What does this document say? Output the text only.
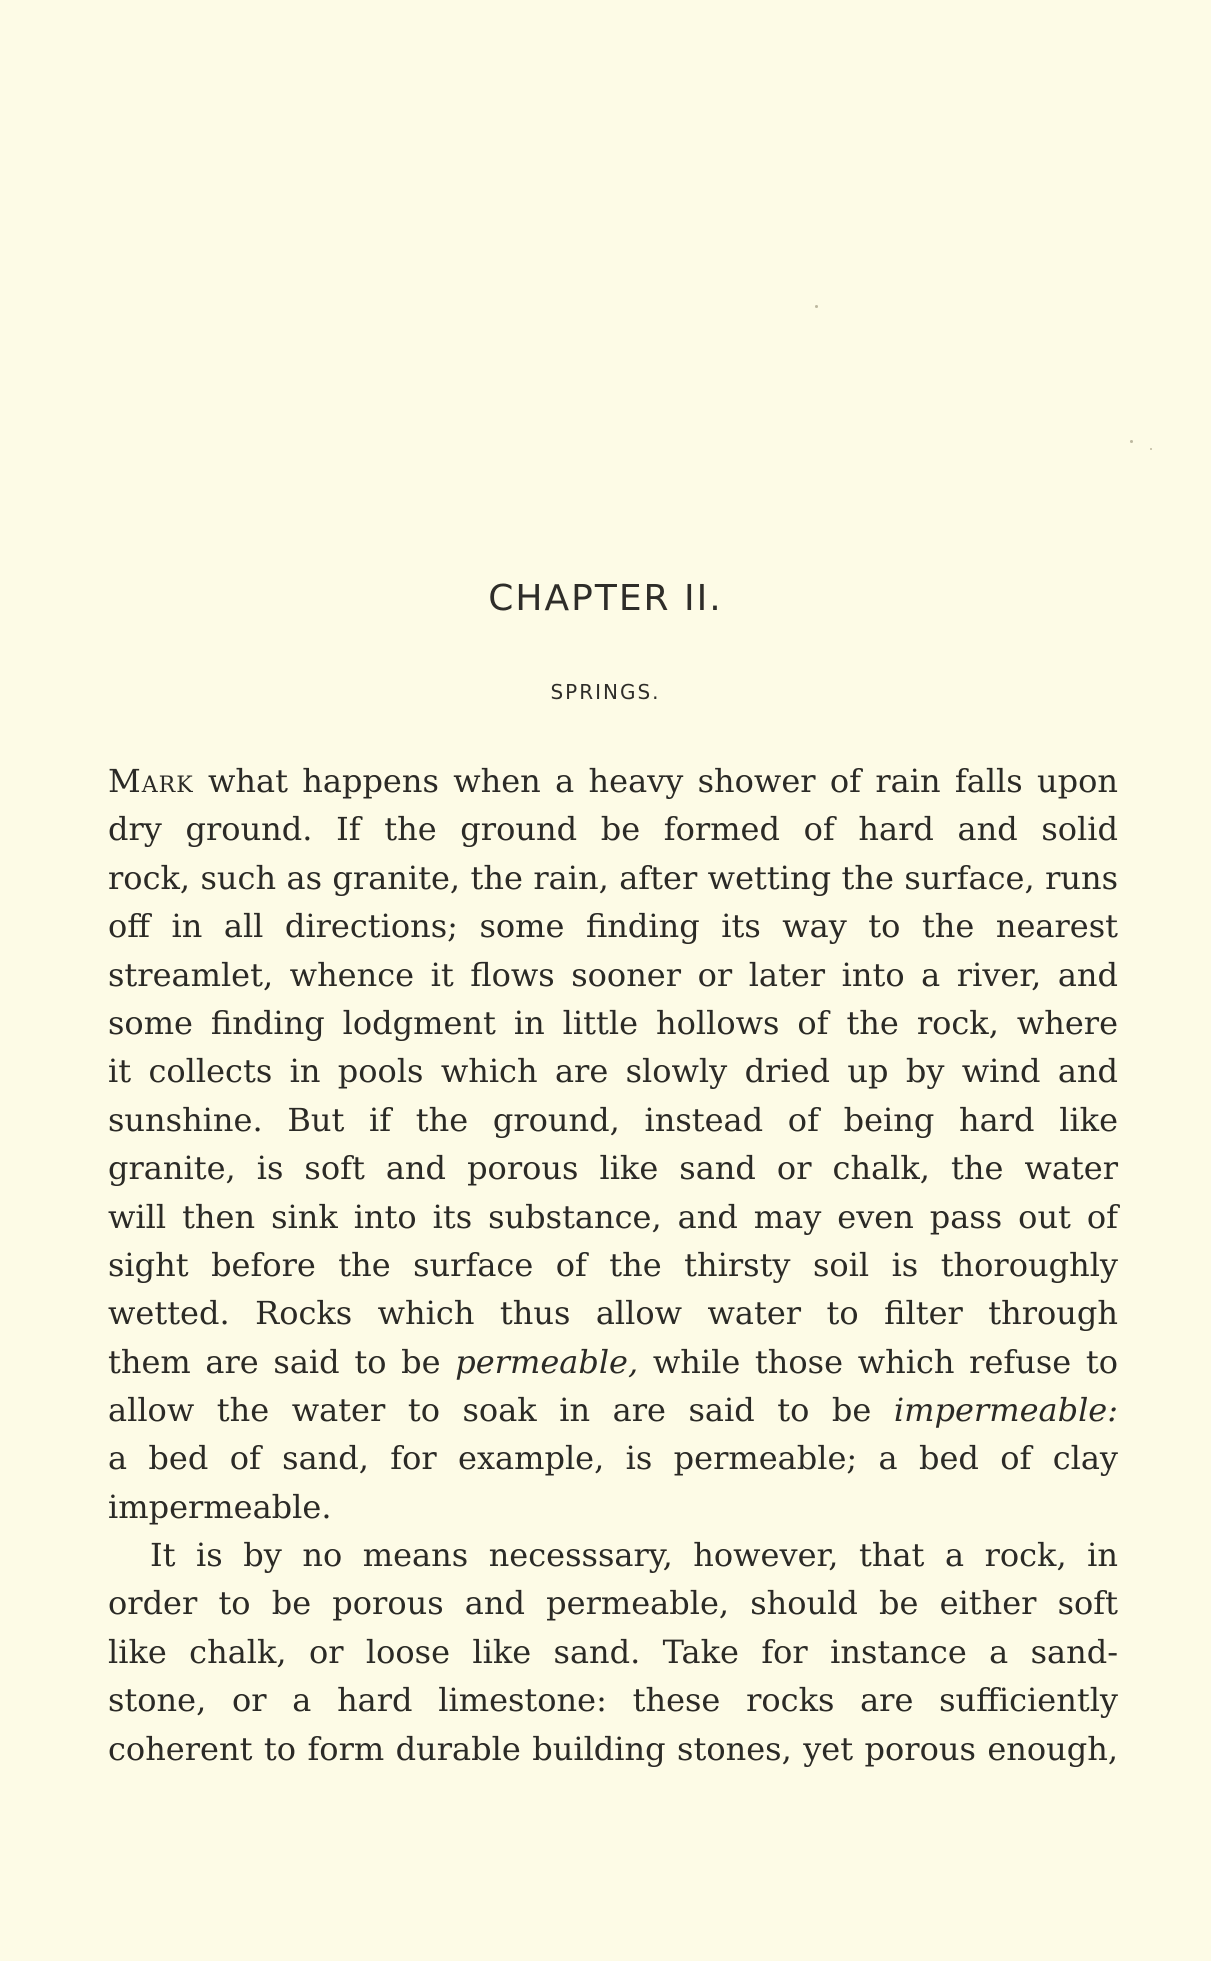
CHAPTER II.
SPRINGS.
Mark what happens when a heavy shower of rain falls upon
dry ground. If the ground be formed of hard and solid
rock, such as granite, the rain, after wetting the surface, runs
off in all directions; some finding its way to the nearest
streamlet, whence it flows sooner or later into a river, and
some finding lodgment in little hollows of the rock, where
it collects in pools which are slowly dried up by wind and
sunshine. But if the ground, instead of being hard like
granite, is soft and porous like sand or chalk, the water
will then sink into its substance, and may even pass out of
sight before the surface of the thirsty soil is thoroughly
wetted. Rocks which thus allow water to filter through
them are said to be permeable, while those which refuse to
allow the water to soak in are said to be impermeable:
a bed of sand, for example, is permeable; a bed of clay
impermeable.
It is by no means necesssary, however, that a rock, in
order to be porous and permeable, should be either soft
like chalk, or loose like sand. Take for instance a sand-
stone, or a hard limestone: these rocks are sufficiently
coherent to form durable building stones, yet porous enough,
